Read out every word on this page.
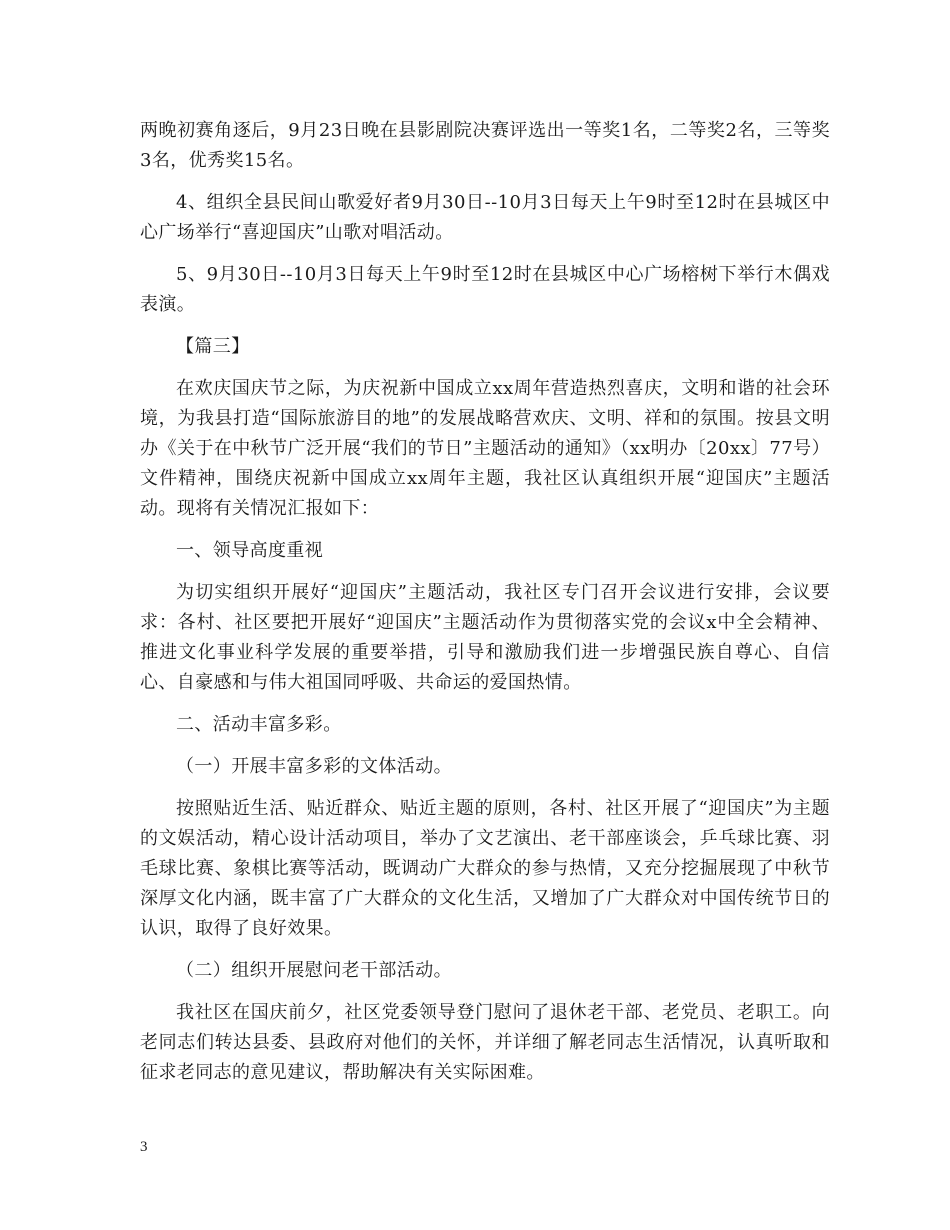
两晚初赛角逐后，9月23日晚在县影剧院决赛评选出一等奖1名，二等奖2名，三等奖3名，优秀奖15名。

4、组织全县民间山歌爱好者9月30日--10月3日每天上午9时至12时在县城区中心广场举行“喜迎国庆”山歌对唱活动。

5、9月30日--10月3日每天上午9时至12时在县城区中心广场榕树下举行木偶戏表演。

【篇三】

在欢庆国庆节之际，为庆祝新中国成立xx周年营造热烈喜庆，文明和谐的社会环境，为我县打造“国际旅游目的地”的发展战略营欢庆、文明、祥和的氛围。按县文明办《关于在中秋节广泛开展“我们的节日”主题活动的通知》（xx明办〔20xx〕77号）文件精神，围绕庆祝新中国成立xx周年主题，我社区认真组织开展“迎国庆”主题活动。现将有关情况汇报如下：

一、领导高度重视

为切实组织开展好“迎国庆”主题活动，我社区专门召开会议进行安排，会议要求：各村、社区要把开展好“迎国庆”主题活动作为贯彻落实党的会议x中全会精神、推进文化事业科学发展的重要举措，引导和激励我们进一步增强民族自尊心、自信心、自豪感和与伟大祖国同呼吸、共命运的爱国热情。

二、活动丰富多彩。

（一）开展丰富多彩的文体活动。

按照贴近生活、贴近群众、贴近主题的原则，各村、社区开展了“迎国庆”为主题的文娱活动，精心设计活动项目，举办了文艺演出、老干部座谈会，乒乓球比赛、羽毛球比赛、象棋比赛等活动，既调动广大群众的参与热情，又充分挖掘展现了中秋节深厚文化内涵，既丰富了广大群众的文化生活，又增加了广大群众对中国传统节日的认识，取得了良好效果。

（二）组织开展慰问老干部活动。

我社区在国庆前夕，社区党委领导登门慰问了退休老干部、老党员、老职工。向老同志们转达县委、县政府对他们的关怀，并详细了解老同志生活情况，认真听取和征求老同志的意见建议，帮助解决有关实际困难。

3
